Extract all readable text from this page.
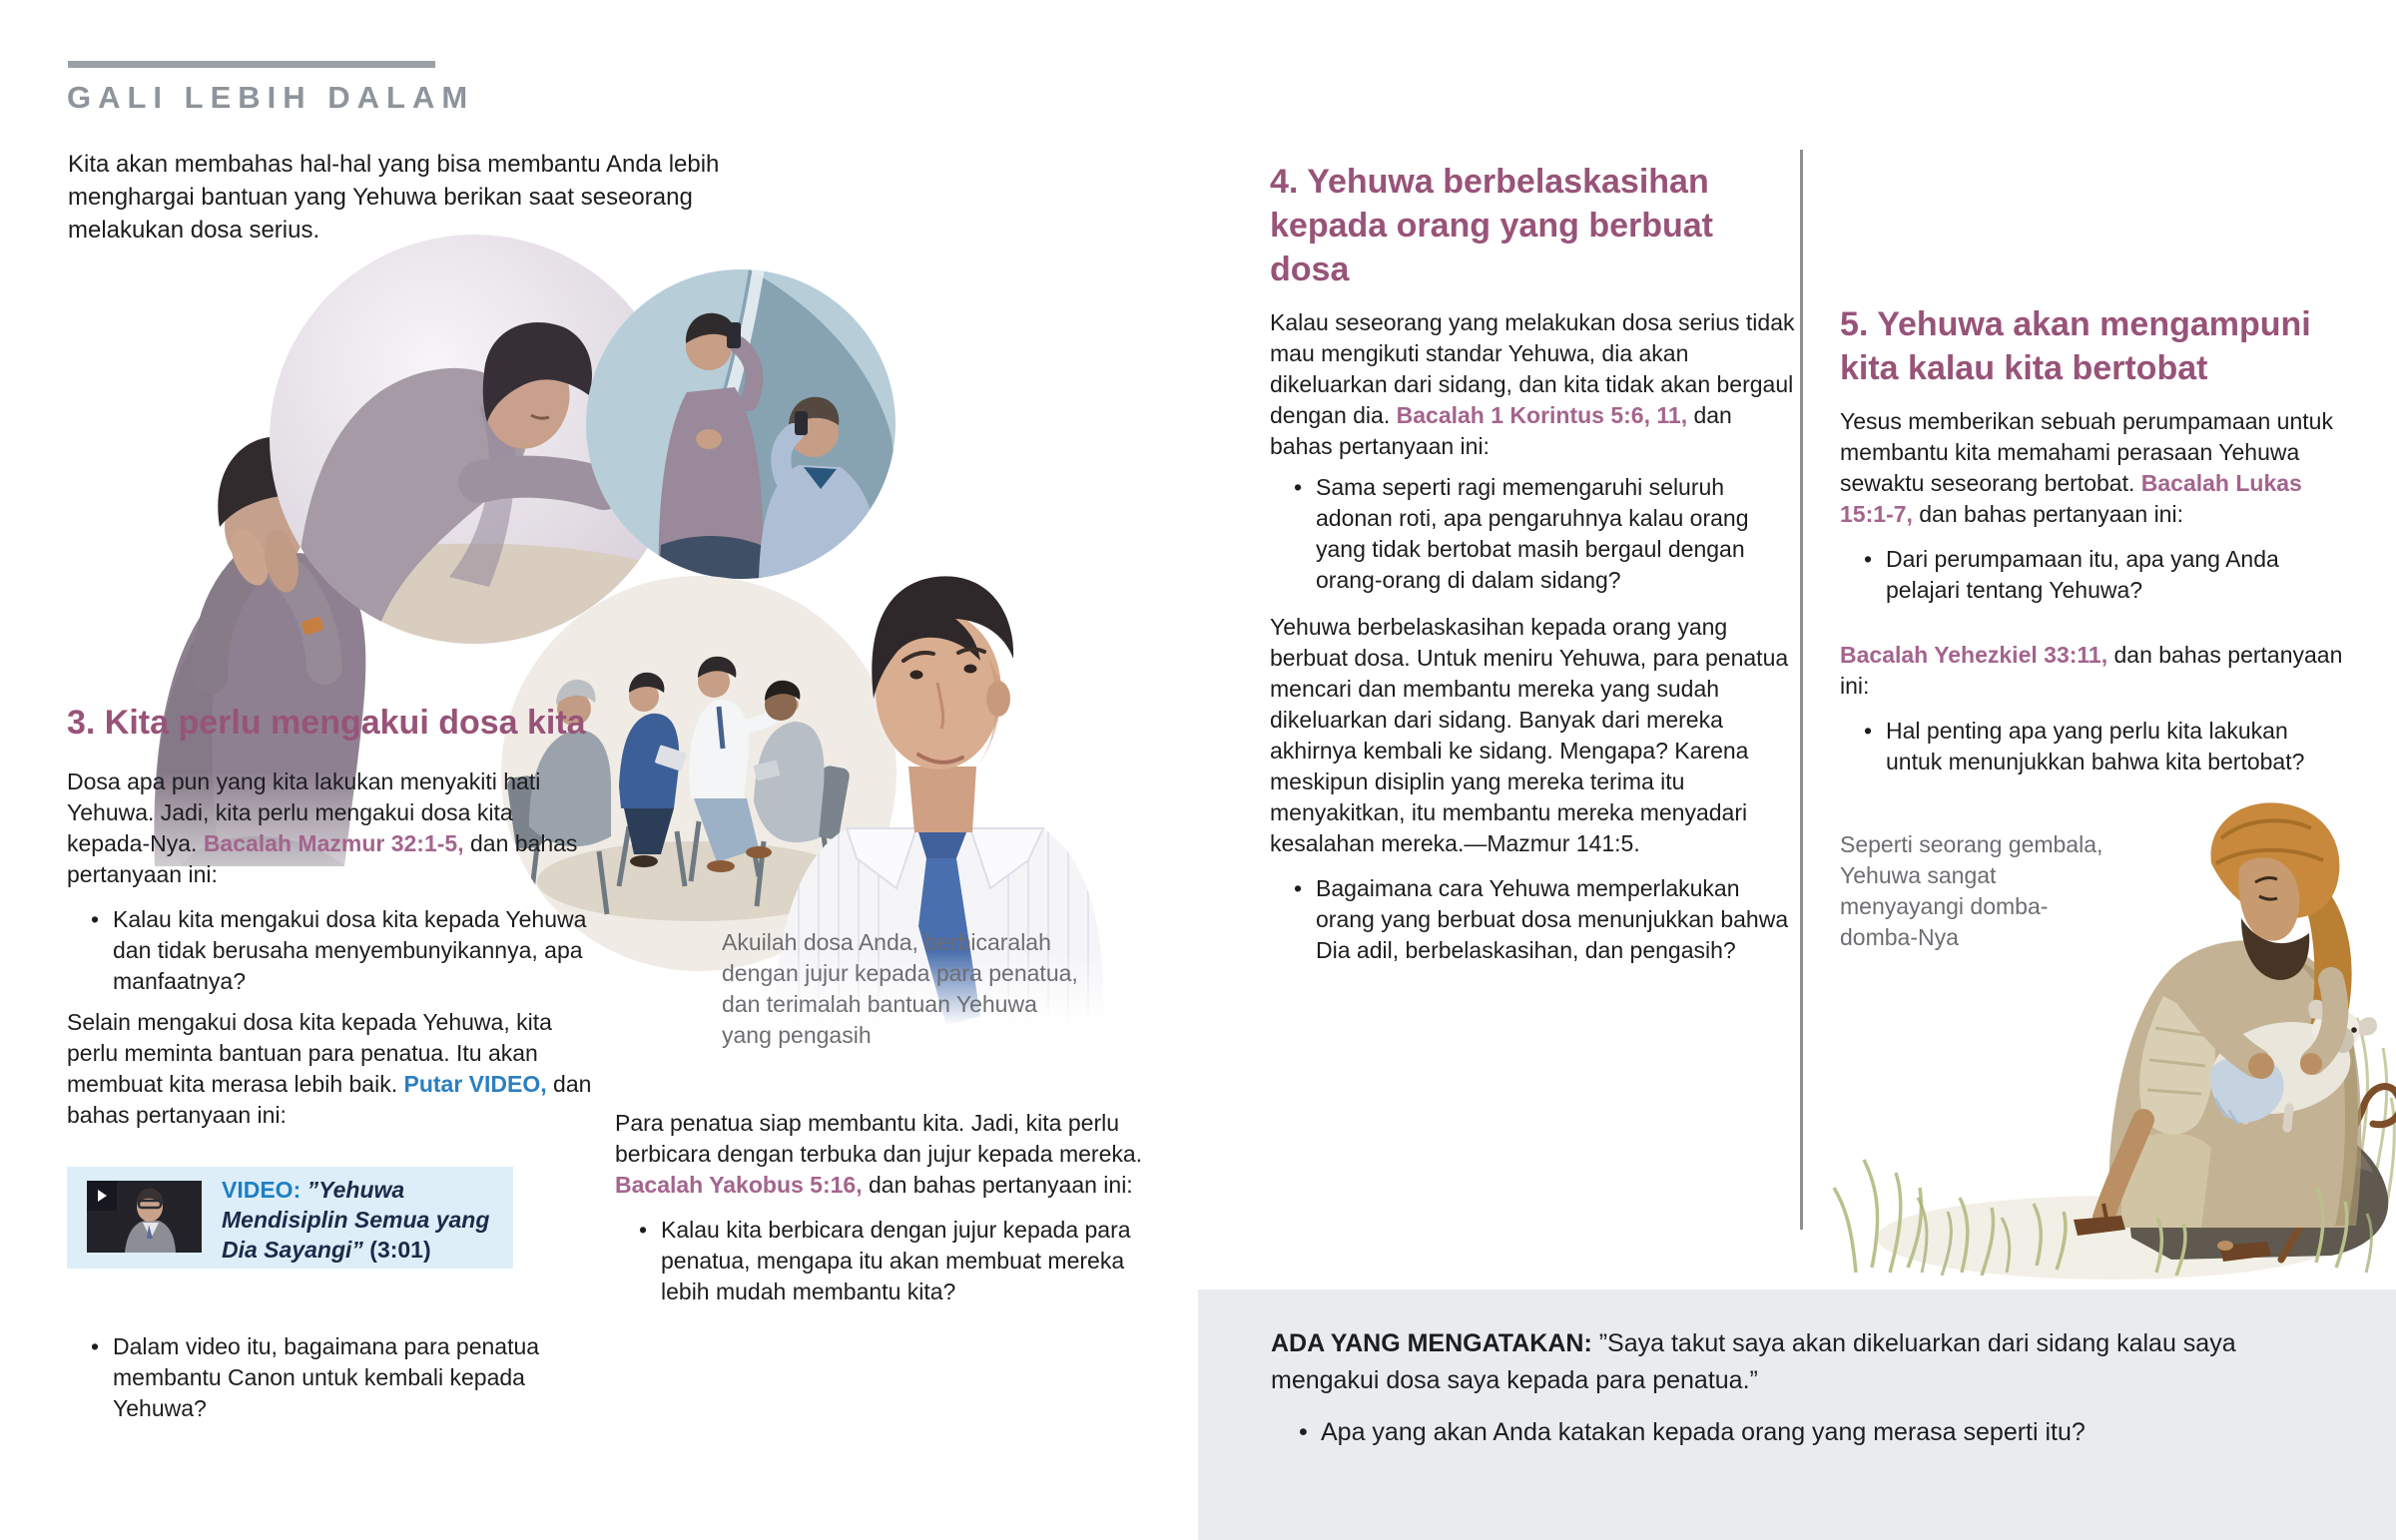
GALI LEBIH DALAM
Kita akan membahas hal-hal yang bisa membantu Anda lebih menghargai bantuan yang Yehuwa berikan saat seseorang melakukan dosa serius.
Akuilah dosa Anda, berbicaralah dengan jujur kepada para penatua, dan terimalah bantuan Yehuwa yang pengasih
3. Kita perlu mengakui dosa kita

Dosa apa pun yang kita lakukan menyakiti hati Yehuwa. Jadi, kita perlu mengakui dosa kita kepada-Nya. Bacalah Mazmur 32:1-5, dan bahas pertanyaan ini:

• Kalau kita mengakui dosa kita kepada Yehuwa dan tidak berusaha menyembunyikannya, apa manfaatnya?

Selain mengakui dosa kita kepada Yehuwa, kita perlu meminta bantuan para penatua. Itu akan membuat kita merasa lebih baik. Putar VIDEO, dan bahas pertanyaan ini:

VIDEO: ”Yehuwa Mendisiplin Semua yang Dia Sayangi” (3:01)
• Dalam video itu, bagaimana para penatua membantu Canon untuk kembali kepada Yehuwa?

Para penatua siap membantu kita. Jadi, kita perlu berbicara dengan terbuka dan jujur kepada mereka. Bacalah Yakobus 5:16, dan bahas pertanyaan ini:

• Kalau kita berbicara dengan jujur kepada para penatua, mengapa itu akan membuat mereka lebih mudah membantu kita?
4. Yehuwa berbelaskasihan kepada orang yang berbuat dosa

Kalau seseorang yang melakukan dosa serius tidak mau mengikuti standar Yehuwa, dia akan dikeluarkan dari sidang, dan kita tidak akan bergaul dengan dia. Bacalah 1 Korintus 5:6, 11, dan bahas pertanyaan ini:

• Sama seperti ragi memengaruhi seluruh adonan roti, apa pengaruhnya kalau orang yang tidak bertobat masih bergaul dengan orang-orang di dalam sidang?

Yehuwa berbelaskasihan kepada orang yang berbuat dosa. Untuk meniru Yehuwa, para penatua mencari dan membantu mereka yang sudah dikeluarkan dari sidang. Banyak dari mereka akhirnya kembali ke sidang. Mengapa? Karena meskipun disiplin yang mereka terima itu menyakitkan, itu membantu mereka menyadari kesalahan mereka.—Mazmur 141:5.

• Bagaimana cara Yehuwa memperlakukan orang yang berbuat dosa menunjukkan bahwa Dia adil, berbelaskasihan, dan pengasih?
5. Yehuwa akan mengampuni kita kalau kita bertobat

Yesus memberikan sebuah perumpamaan untuk membantu kita memahami perasaan Yehuwa sewaktu seseorang bertobat. Bacalah Lukas 15:1-7, dan bahas pertanyaan ini:

• Dari perumpamaan itu, apa yang Anda pelajari tentang Yehuwa?

Bacalah Yehezkiel 33:11, dan bahas pertanyaan ini:

• Hal penting apa yang perlu kita lakukan untuk menunjukkan bahwa kita bertobat?
Seperti seorang gembala, Yehuwa sangat menyayangi domba-domba-Nya
ADA YANG MENGATAKAN: ”Saya takut saya akan dikeluarkan dari sidang kalau saya mengakui dosa saya kepada para penatua.”
• Apa yang akan Anda katakan kepada orang yang merasa seperti itu?
